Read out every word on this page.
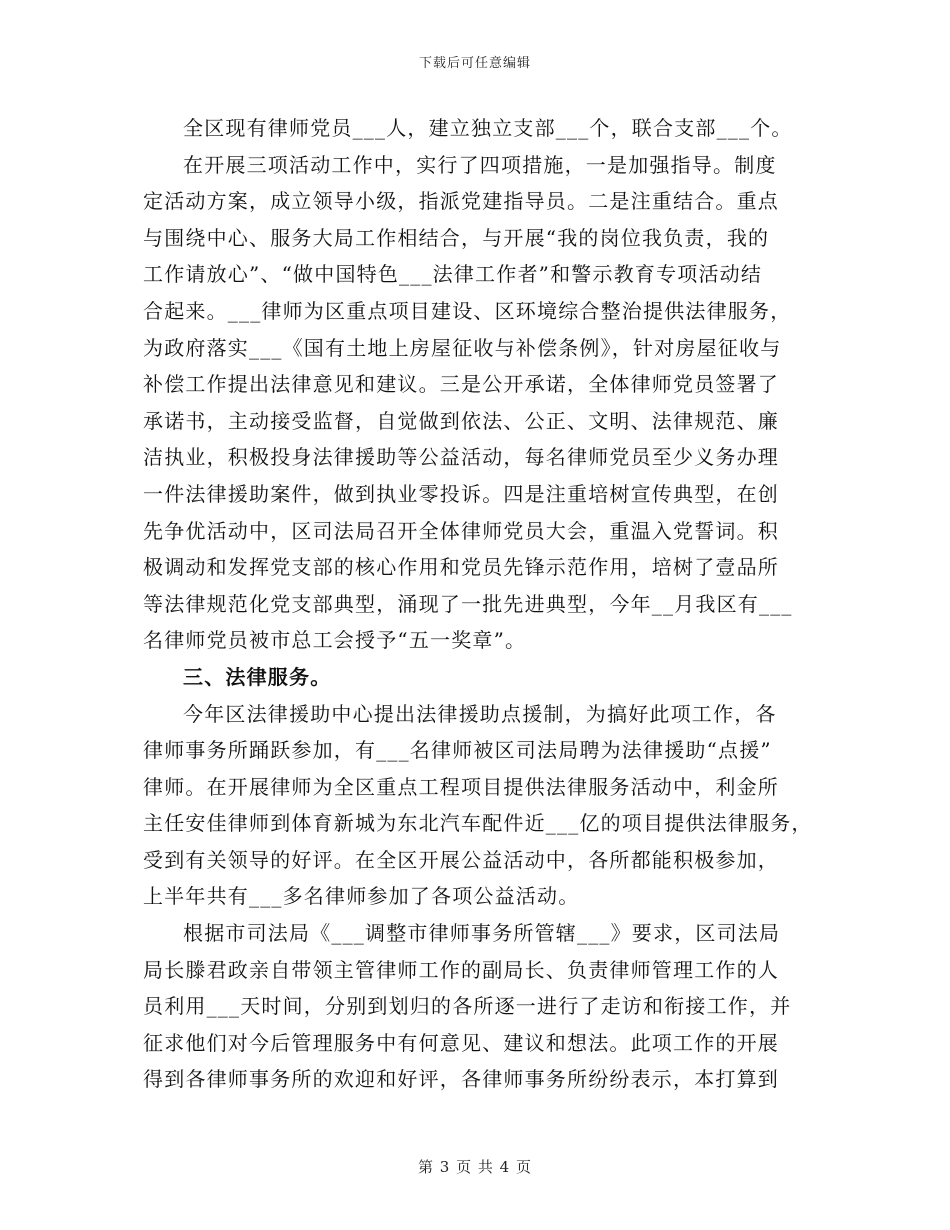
下载后可任意编辑
全区现有律师党员___人，建立独立支部___个，联合支部___个。
在开展三项活动工作中，实行了四项措施，一是加强指导。制度
定活动方案，成立领导小级，指派党建指导员。二是注重结合。重点
与围绕中心、服务大局工作相结合，与开展“我的岗位我负责，我的
工作请放心”、“做中国特色___法律工作者”和警示教育专项活动结
合起来。___律师为区重点项目建设、区环境综合整治提供法律服务，
为政府落实___《国有土地上房屋征收与补偿条例》，针对房屋征收与
补偿工作提出法律意见和建议。三是公开承诺，全体律师党员签署了
承诺书，主动接受监督，自觉做到依法、公正、文明、法律规范、廉
洁执业，积极投身法律援助等公益活动，每名律师党员至少义务办理
一件法律援助案件，做到执业零投诉。四是注重培树宣传典型，在创
先争优活动中，区司法局召开全体律师党员大会，重温入党誓词。积
极调动和发挥党支部的核心作用和党员先锋示范作用，培树了壹品所
等法律规范化党支部典型，涌现了一批先进典型，今年__月我区有___
名律师党员被市总工会授予“五一奖章”。
三、法律服务。
今年区法律援助中心提出法律援助点援制，为搞好此项工作，各
律师事务所踊跃参加，有___名律师被区司法局聘为法律援助“点援”
律师。在开展律师为全区重点工程项目提供法律服务活动中，利金所
主任安佳律师到体育新城为东北汽车配件近___亿的项目提供法律服务，
受到有关领导的好评。在全区开展公益活动中，各所都能积极参加，
上半年共有___多名律师参加了各项公益活动。
根据市司法局《___调整市律师事务所管辖___》要求，区司法局
局长滕君政亲自带领主管律师工作的副局长、负责律师管理工作的人
员利用___天时间，分别到划归的各所逐一进行了走访和衔接工作，并
征求他们对今后管理服务中有何意见、建议和想法。此项工作的开展
得到各律师事务所的欢迎和好评，各律师事务所纷纷表示，本打算到
第 3 页 共 4 页
